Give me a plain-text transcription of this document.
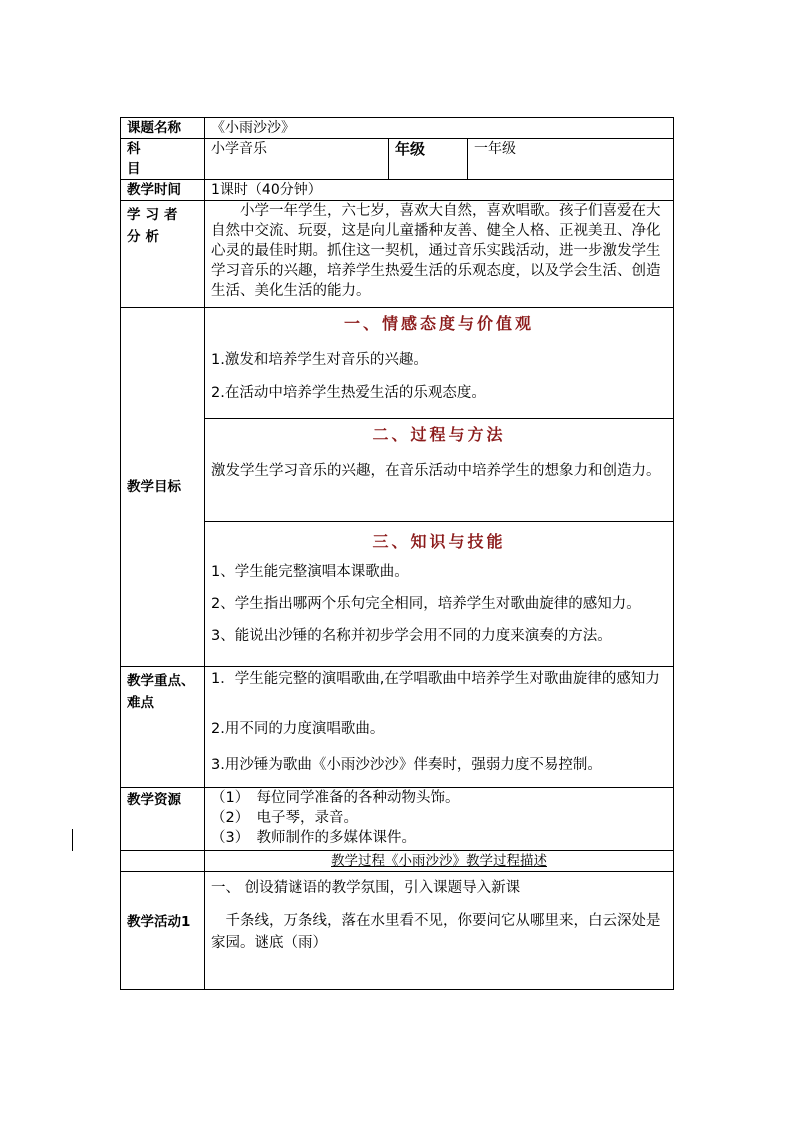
课题名称	《小雨沙沙》		
科 目	小学音乐	年级	一年级
教学时间	1课时（40分钟）		
学习者分析	小学一年学生，六七岁，喜欢大自然，喜欢唱歌。孩子们喜爱在大自然中交流、玩耍，这是向儿童播种友善、健全人格、正视美丑、净化心灵的最佳时期。抓住这一契机，通过音乐实践活动，进一步激发学生学习音乐的兴趣，培养学生热爱生活的乐观态度，以及学会生活、创造生活、美化生活的能力。		
教学目标	一、情感态度与价值观
1.激发和培养学生对音乐的兴趣。
2.在活动中培养学生热爱生活的乐观态度。		

	二、过程与方法
激发学生学习音乐的兴趣，在音乐活动中培养学生的想象力和创造力。		

	三、知识与技能
1、学生能完整演唱本课歌曲。
2、学生指出哪两个乐句完全相同，培养学生对歌曲旋律的感知力。
3、能说出沙锤的名称并初步学会用不同的力度来演奏的方法。		

教学重点、难点	1．学生能完整的演唱歌曲,在学唱歌曲中培养学生对歌曲旋律的感知力
2.用不同的力度演唱歌曲。
3.用沙锤为歌曲《小雨沙沙沙》伴奏时，强弱力度不易控制。		

教学资源	（1）　每位同学准备的各种动物头饰。
（2）　电子琴，录音。
（3）　教师制作的多媒体课件。		

	教学过程《小雨沙沙》教学过程描述		
教学活动1	一、 创设猜谜语的教学氛围，引入课题导入新课
千条线，万条线，落在水里看不见，你要问它从哪里来，白云深处是家园。谜底（雨）		
